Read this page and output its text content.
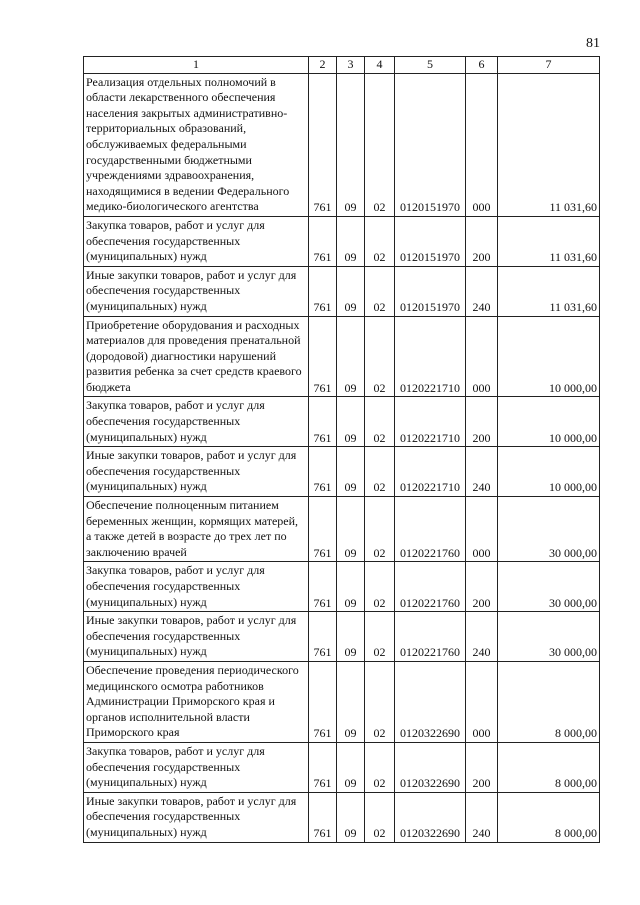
81
1	2	3	4	5	6	7
Реализация отдельных полномочий в области лекарственного обеспечения населения закрытых административно-территориальных образований, обслуживаемых федеральными государственными бюджетными учреждениями здравоохранения, находящимися в ведении Федерального медико-биологического агентства	761	09	02	0120151970	000	11 031,60
Закупка товаров, работ и услуг для обеспечения государственных (муниципальных) нужд	761	09	02	0120151970	200	11 031,60
Иные закупки товаров, работ и услуг для обеспечения государственных (муниципальных) нужд	761	09	02	0120151970	240	11 031,60
Приобретение оборудования и расходных материалов для проведения пренатальной (дородовой) диагностики нарушений развития ребенка за счет средств краевого бюджета	761	09	02	0120221710	000	10 000,00
Закупка товаров, работ и услуг для обеспечения государственных (муниципальных) нужд	761	09	02	0120221710	200	10 000,00
Иные закупки товаров, работ и услуг для обеспечения государственных (муниципальных) нужд	761	09	02	0120221710	240	10 000,00
Обеспечение полноценным питанием беременных женщин, кормящих матерей, а также детей в возрасте до трех лет по заключению врачей	761	09	02	0120221760	000	30 000,00
Закупка товаров, работ и услуг для обеспечения государственных (муниципальных) нужд	761	09	02	0120221760	200	30 000,00
Иные закупки товаров, работ и услуг для обеспечения государственных (муниципальных) нужд	761	09	02	0120221760	240	30 000,00
Обеспечение проведения периодического медицинского осмотра работников Администрации Приморского края и органов исполнительной власти Приморского края	761	09	02	0120322690	000	8 000,00
Закупка товаров, работ и услуг для обеспечения государственных (муниципальных) нужд	761	09	02	0120322690	200	8 000,00
Иные закупки товаров, работ и услуг для обеспечения государственных (муниципальных) нужд	761	09	02	0120322690	240	8 000,00
